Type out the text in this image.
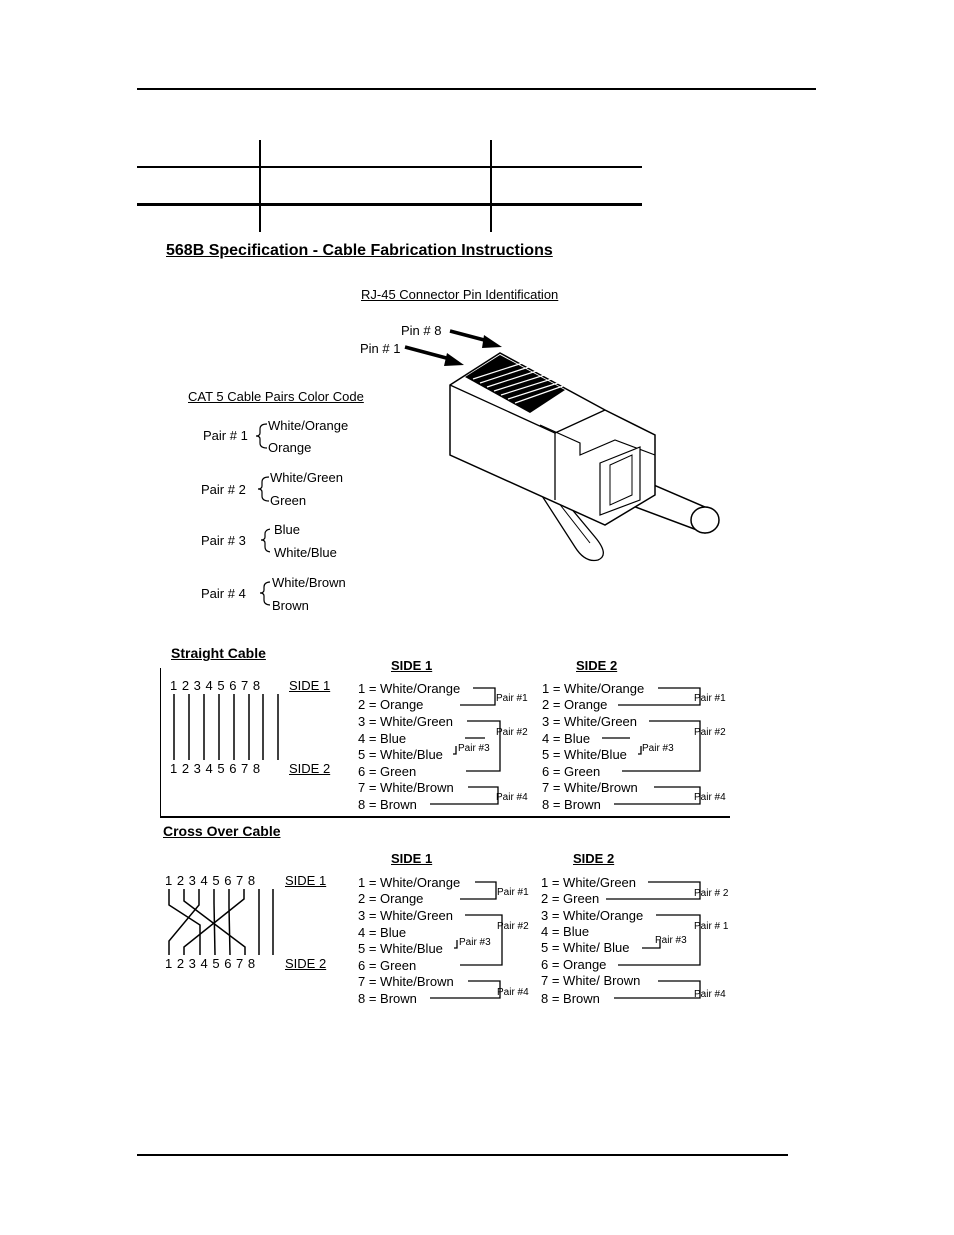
568B Specification - Cable Fabrication Instructions
RJ-45 Connector Pin Identification
Pin # 8
Pin # 1
CAT 5 Cable Pairs Color Code
Pair # 1
White/Orange
Orange
Pair # 2
White/Green
Green
Pair # 3
Blue
White/Blue
Pair # 4
White/Brown
Brown
Straight Cable
SIDE 1	SIDE 2
1 2 3 4 5 6 7 8 SIDE 1
1 2 3 4 5 6 7 8 SIDE 2
1 = White/Orange
2 = Orange
3 = White/Green
4 = Blue
5 = White/Blue
6 = Green
7 = White/Brown
8 = Brown
Pair #1
Pair #2
Pair #3
Pair #4
1 = White/Orange
2 = Orange
3 = White/Green
4 = Blue
5 = White/Blue
6 = Green
7 = White/Brown
8 = Brown
Pair #1
Pair #2
Pair #3
Pair #4
Cross Over Cable
SIDE 1	SIDE 2
1 2 3 4 5 6 7 8 SIDE 1
1 2 3 4 5 6 7 8 SIDE 2
1 = White/Orange
2 = Orange
3 = White/Green
4 = Blue
5 = White/Blue
6 = Green
7 = White/Brown
8 = Brown
Pair #1
Pair #2
Pair #3
Pair #4
1 = White/Green
2 = Green
3 = White/Orange
4 = Blue
5 = White/ Blue
6 = Orange
7 = White/ Brown
8 = Brown
Pair # 2
Pair # 1
Pair #3
Pair #4
